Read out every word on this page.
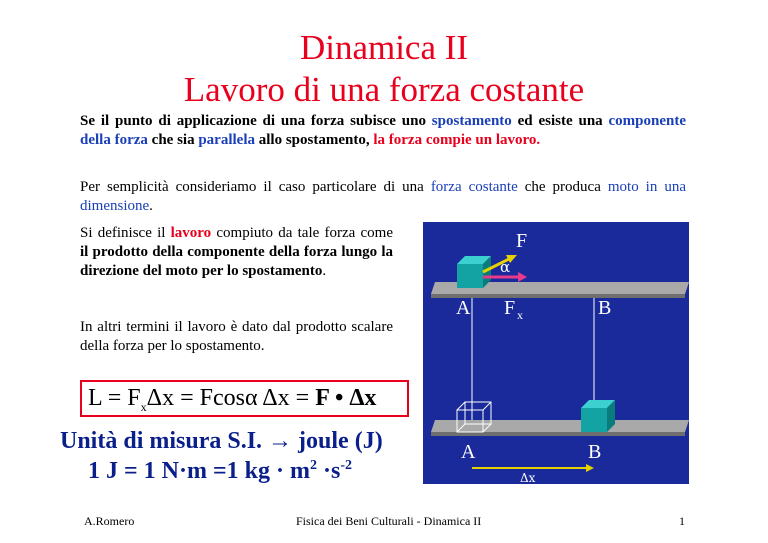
Dinamica II
Lavoro di una forza costante
Se il punto di applicazione di una forza subisce uno spostamento ed esiste una componente della forza che sia parallela allo spostamento, la forza compie un lavoro.
Per semplicità consideriamo il caso particolare di una forza costante che produca moto in una dimensione.
Si definisce il lavoro compiuto da tale forza come il prodotto della componente della forza lungo la direzione del moto per lo spostamento.
In altri termini il lavoro è dato dal prodotto scalare della forza per lo spostamento.
$L = F_x\Delta x = Fcos\alpha$ Δx = F • Δx
Unità di misura S.I. → joule (J)
1 J = 1 N·m =1 kg · $m^2 \cdot s^{-2}$
F
α
A F x	B
A	B
Δx
A.Romero	Fisica dei Beni Culturali - Dinamica II	1
